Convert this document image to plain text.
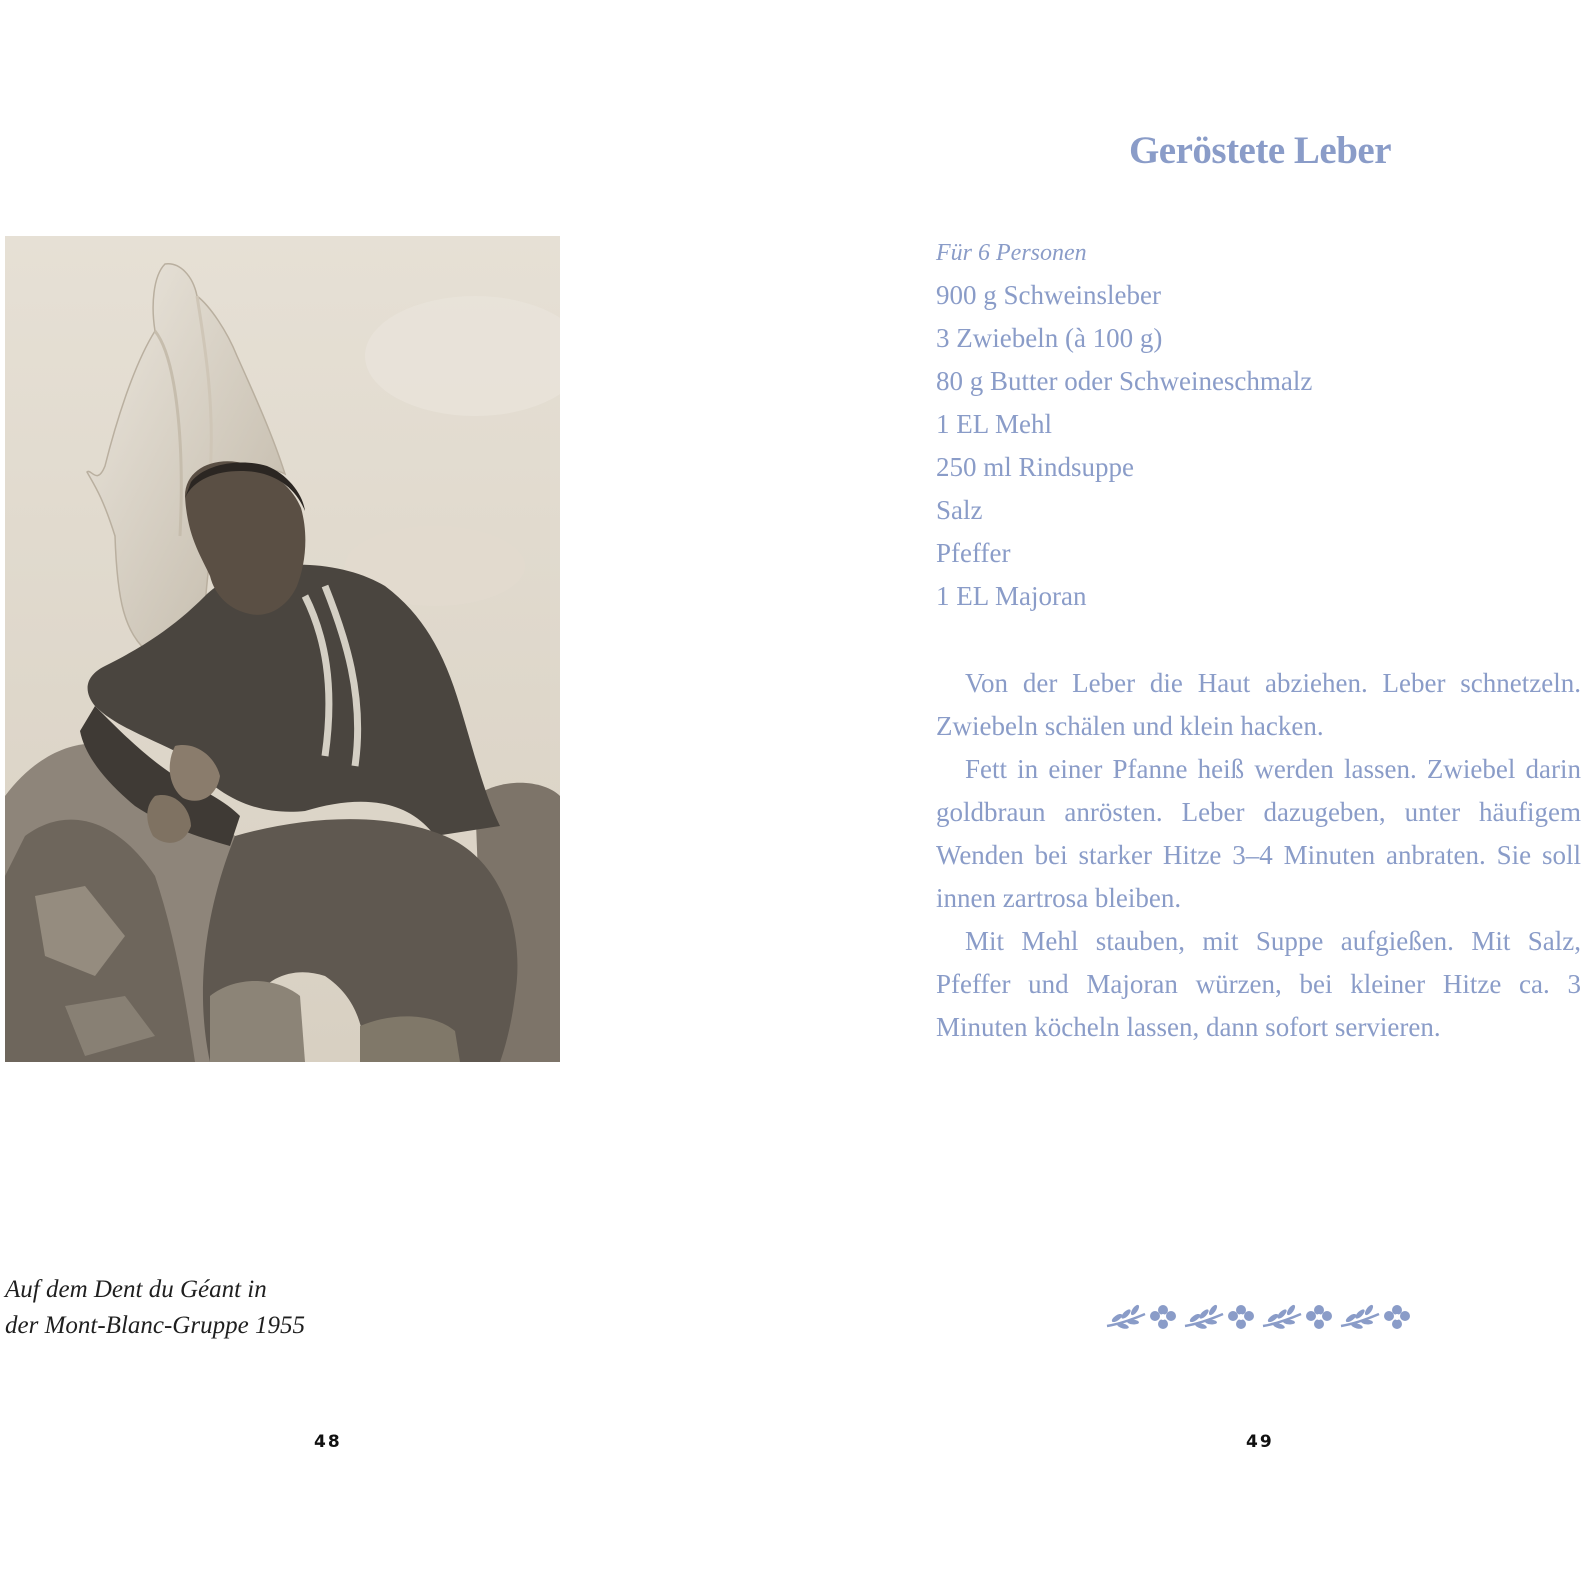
Auf dem Dent du Géant in
der Mont-Blanc-Gruppe 1955
48
Geröstete Leber
Für 6 Personen
900 g Schweinsleber
3 Zwiebeln (à 100 g)
80 g Butter oder Schweineschmalz
1 EL Mehl
250 ml Rindsuppe
Salz
Pfeffer
1 EL Majoran

Von der Leber die Haut abziehen. Leber schnetzeln. Zwiebeln schälen und klein hacken.

Fett in einer Pfanne heiß werden lassen. Zwiebel darin goldbraun anrösten. Leber dazugeben, unter häufigem Wenden bei starker Hitze 3–4 Minuten anbraten. Sie soll innen zartrosa bleiben.

Mit Mehl stauben, mit Suppe aufgießen. Mit Salz, Pfeffer und Majoran würzen, bei kleiner Hitze ca. 3 Minuten köcheln lassen, dann sofort servieren.

49
